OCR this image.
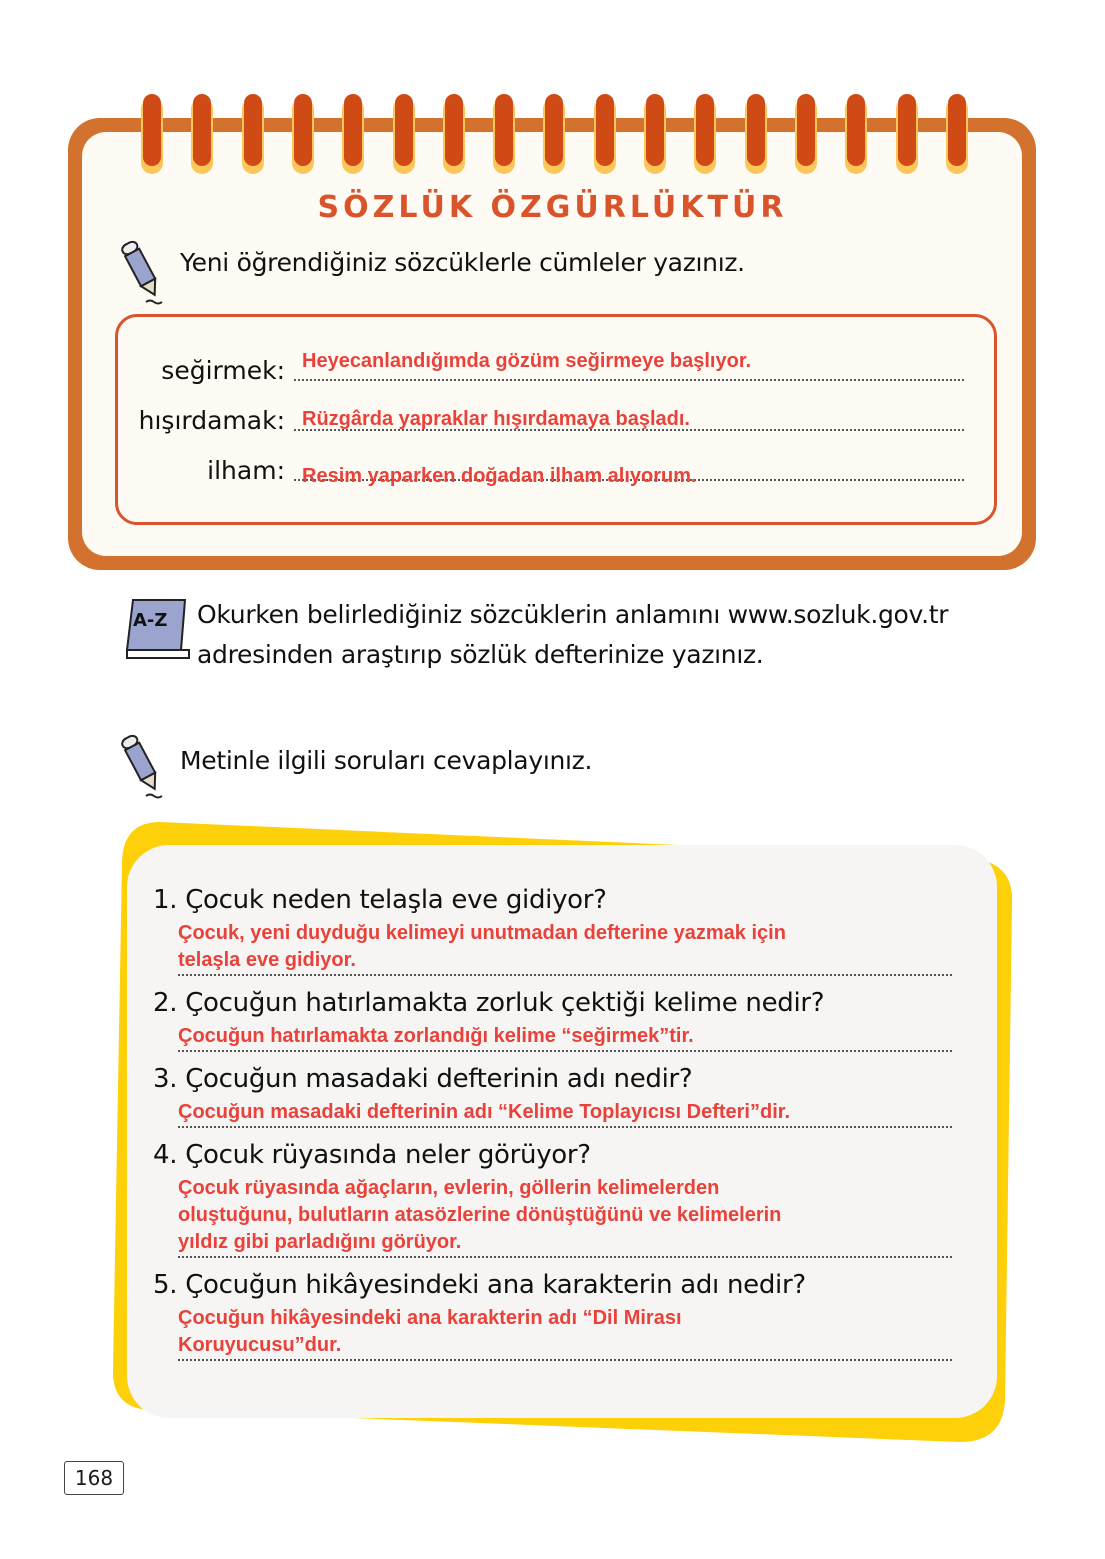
SÖZLÜK ÖZGÜRLÜKTÜR
Yeni öğrendiğiniz sözcüklerle cümleler yazınız.
seğirmek: Heyecanlandığımda gözüm seğirmeye başlıyor.
hışırdamak: Rüzgârda yapraklar hışırdamaya başladı.
ilham: Resim yaparken doğadan ilham alıyorum.
A-Z Okurken belirlediğiniz sözcüklerin anlamını www.sozluk.gov.tr
adresinden araştırıp sözlük defterinize yazınız.
Metinle ilgili soruları cevaplayınız.
1. Çocuk neden telaşla eve gidiyor?
Çocuk, yeni duyduğu kelimeyi unutmadan defterine yazmak için
telaşla eve gidiyor.
2. Çocuğun hatırlamakta zorluk çektiği kelime nedir?
Çocuğun hatırlamakta zorlandığı kelime “seğirmek”tir.
3. Çocuğun masadaki defterinin adı nedir?
Çocuğun masadaki defterinin adı “Kelime Toplayıcısı Defteri”dir.
4. Çocuk rüyasında neler görüyor?
Çocuk rüyasında ağaçların, evlerin, göllerin kelimelerden
oluştuğunu, bulutların atasözlerine dönüştüğünü ve kelimelerin
yıldız gibi parladığını görüyor.
5. Çocuğun hikâyesindeki ana karakterin adı nedir?
Çocuğun hikâyesindeki ana karakterin adı “Dil Mirası
Koruyucusu”dur.
168
